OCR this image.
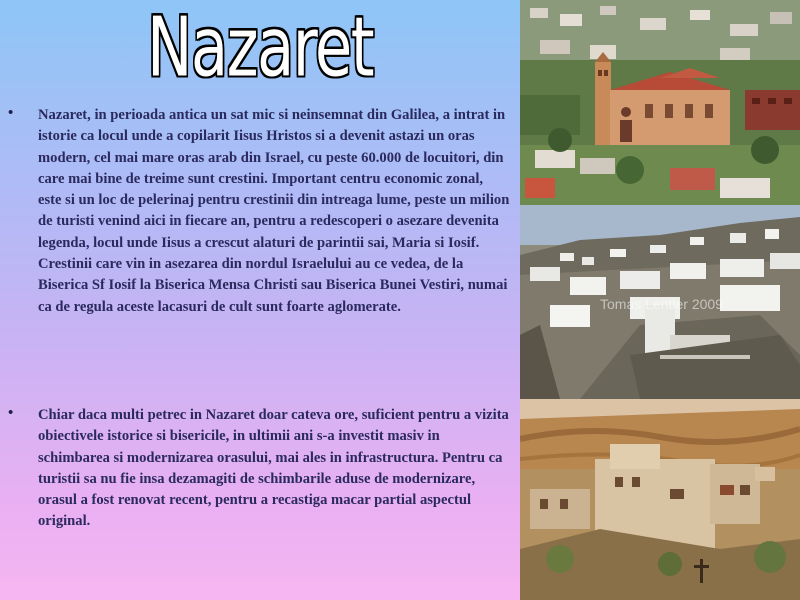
Nazaret
• Nazaret, in perioada antica un sat mic si neinsemnat din Galilea, a intrat in istorie ca locul unde a copilarit Iisus Hristos si a devenit astazi un oras modern, cel mai mare oras arab din Israel, cu peste 60.000 de locuitori, din care mai bine de treime sunt crestini. Important centru economic zonal, este si un loc de pelerinaj pentru crestinii din intreaga lume, peste un milion de turisti venind aici in fiecare an, pentru a redescoperi o asezare devenita legenda, locul unde Iisus a crescut alaturi de parintii sai, Maria si Iosif. Crestinii care vin in asezarea din nordul Israelului au ce vedea, de la Biserica Sf Iosif la Biserica Mensa Christi sau Biserica Bunei Vestiri, numai ca de regula aceste lacasuri de cult sunt foarte aglomerate.

• Chiar daca multi petrec in Nazaret doar cateva ore, suficient pentru a vizita obiectivele istorice si bisericile, in ultimii ani s-a investit masiv in schimbarea si modernizarea orasului, mai ales in infrastructura. Pentru ca turistii sa nu fie insa dezamagiti de schimbarile aduse de modernizare, orasul a fost renovat recent, pentru a recastiga macar partial aspectul original.

Tomas Lentler 2009
